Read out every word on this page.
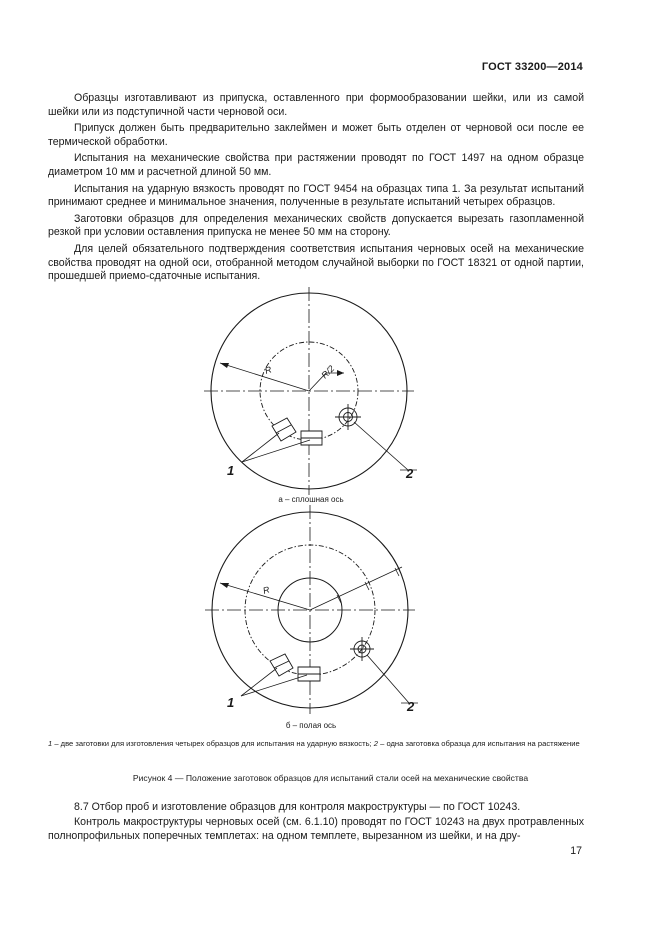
ГОСТ 33200—2014

Образцы изготавливают из припуска, оставленного при формообразовании шейки, или из самой шейки или из подступичной части черновой оси.

Припуск должен быть предварительно заклеймен и может быть отделен от черновой оси после ее термической обработки.

Испытания на механические свойства при растяжении проводят по ГОСТ 1497 на одном образце диаметром 10 мм и расчетной длиной 50 мм.

Испытания на ударную вязкость проводят по ГОСТ 9454 на образцах типа 1. За результат испытаний принимают среднее и минимальное значения, полученные в результате испытаний четырех образцов.

Заготовки образцов для определения механических свойств допускается вырезать газопламенной резкой при условии оставления припуска не менее 50 мм на сторону.

Для целей обязательного подтверждения соответствия испытания черновых осей на механические свойства проводят на одной оси, отобранной методом случайной выборки по ГОСТ 18321 от одной партии, прошедшей приемо-сдаточные испытания.

R	R/2
1	2
а – сплошная ось
R
1	2
б – полая ось
1 – две заготовки для изготовления четырех образцов для испытания на ударную вязкость; 2 – одна заготовка образца для испытания на растяжение
Рисунок 4 — Положение заготовок образцов для испытаний стали осей на механические свойства

8.7 Отбор проб и изготовление образцов для контроля макроструктуры — по ГОСТ 10243.

Контроль макроструктуры черновых осей (см. 6.1.10) проводят по ГОСТ 10243 на двух протравленных полнопрофильных поперечных темплетах: на одном темплете, вырезанном из шейки, и на дру-

17
